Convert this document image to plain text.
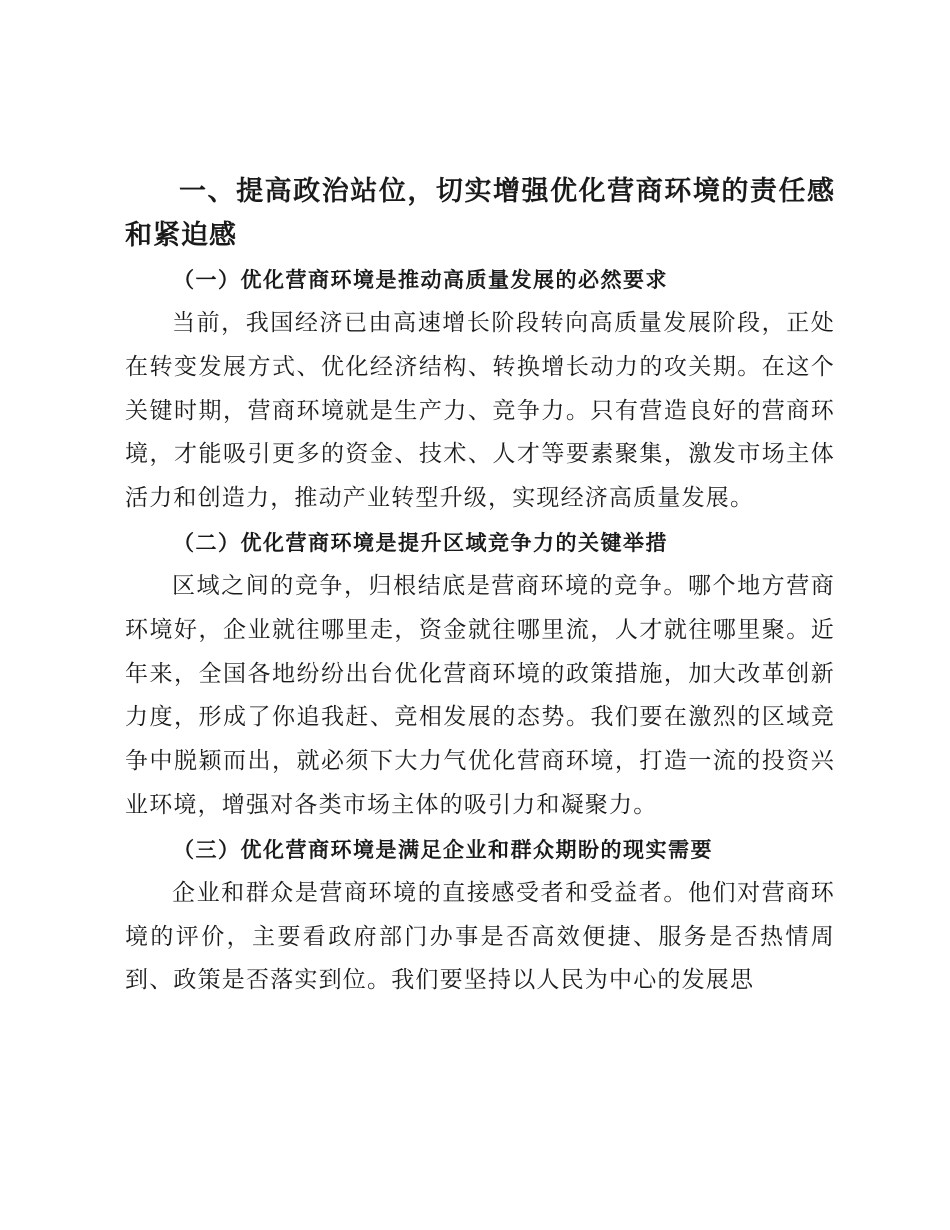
一、提高政治站位，切实增强优化营商环境的责任感和紧迫感

（一）优化营商环境是推动高质量发展的必然要求

当前，我国经济已由高速增长阶段转向高质量发展阶段，正处在转变发展方式、优化经济结构、转换增长动力的攻关期。在这个关键时期，营商环境就是生产力、竞争力。只有营造良好的营商环境，才能吸引更多的资金、技术、人才等要素聚集，激发市场主体活力和创造力，推动产业转型升级，实现经济高质量发展。

（二）优化营商环境是提升区域竞争力的关键举措

区域之间的竞争，归根结底是营商环境的竞争。哪个地方营商环境好，企业就往哪里走，资金就往哪里流，人才就往哪里聚。近年来，全国各地纷纷出台优化营商环境的政策措施，加大改革创新力度，形成了你追我赶、竞相发展的态势。我们要在激烈的区域竞争中脱颖而出，就必须下大力气优化营商环境，打造一流的投资兴业环境，增强对各类市场主体的吸引力和凝聚力。

（三）优化营商环境是满足企业和群众期盼的现实需要

企业和群众是营商环境的直接感受者和受益者。他们对营商环境的评价，主要看政府部门办事是否高效便捷、服务是否热情周到、政策是否落实到位。我们要坚持以人民为中心的发展思
